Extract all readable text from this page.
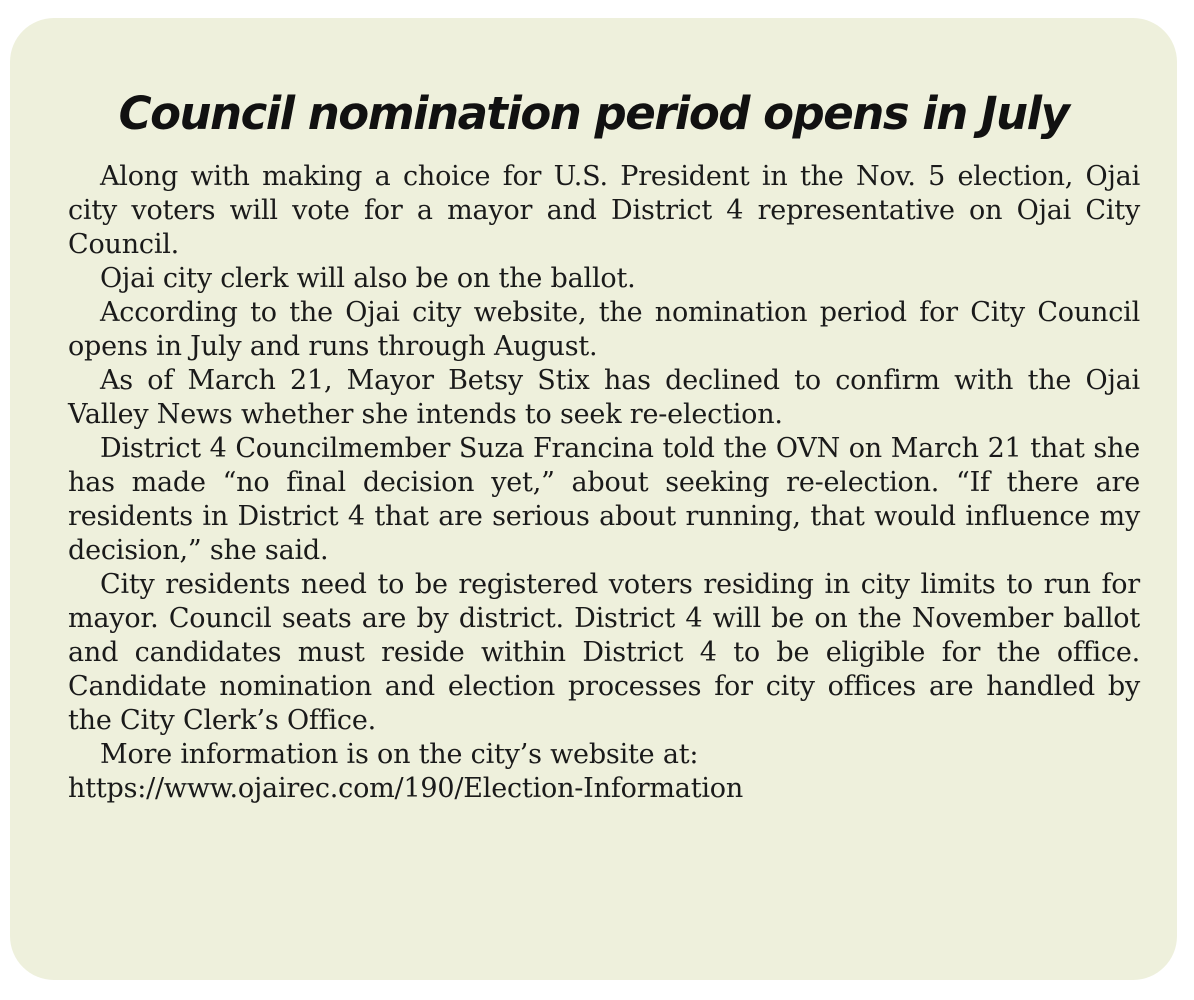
Council nomination period opens in July

Along with making a choice for U.S. President in the Nov. 5 election, Ojai city voters will vote for a mayor and District 4 representative on Ojai City Council.

Ojai city clerk will also be on the ballot.

According to the Ojai city website, the nomination period for City Council opens in July and runs through August.

As of March 21, Mayor Betsy Stix has declined to confirm with the Ojai Valley News whether she intends to seek re-election.

District 4 Councilmember Suza Francina told the OVN on March 21 that she has made “no final decision yet,” about seeking re-election. “If there are residents in District 4 that are serious about running, that would influence my decision,” she said.

City residents need to be registered voters residing in city limits to run for mayor. Council seats are by district. District 4 will be on the November ballot and candidates must reside within District 4 to be eligible for the office. Candidate nomination and election processes for city offices are handled by the City Clerk’s Office.

More information is on the city’s website at:

https://www.ojairec.com/190/Election-Information
